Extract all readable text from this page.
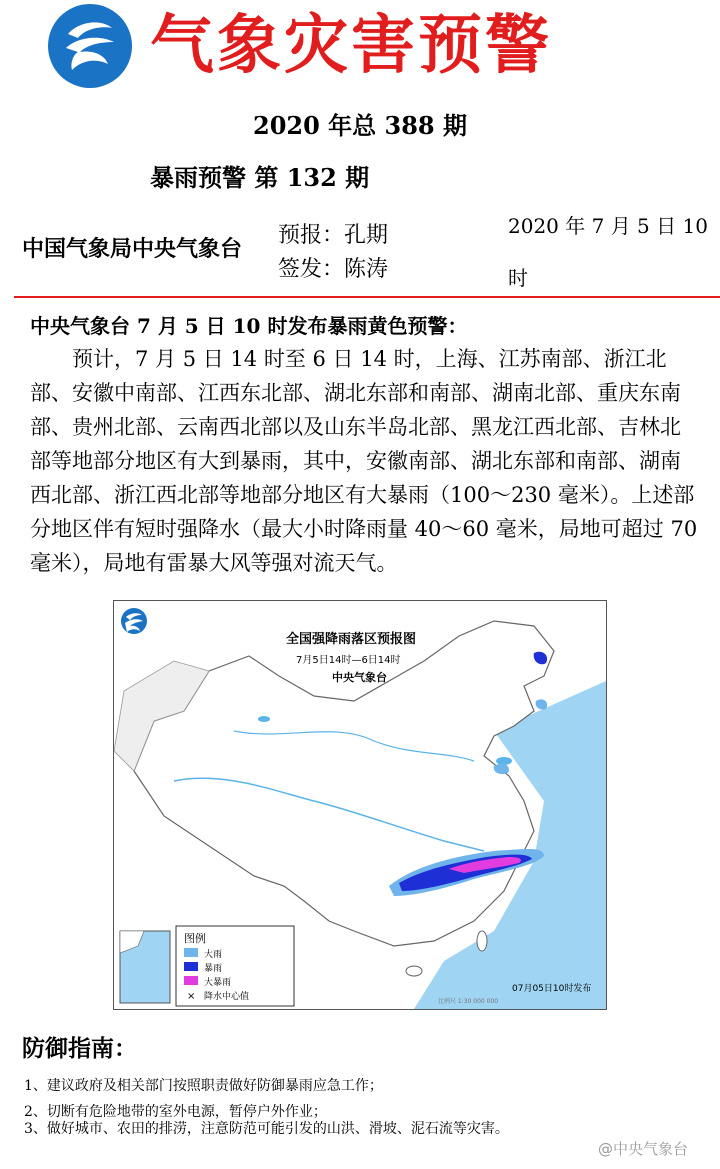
气象灾害预警
2020 年总 388 期
暴雨预警 第 132 期
中国气象局中央气象台
预报：孔期
签发：陈涛
2020 年 7 月 5 日 10
时
中央气象台 7 月 5 日 10 时发布暴雨黄色预警：
预计，7 月 5 日 14 时至 6 日 14 时，上海、江苏南部、浙江北部、安徽中南部、江西东北部、湖北东部和南部、湖南北部、重庆东南部、贵州北部、云南西北部以及山东半岛北部、黑龙江西北部、吉林北部等地部分地区有大到暴雨，其中，安徽南部、湖北东部和南部、湖南西北部、浙江西北部等地部分地区有大暴雨（100～230 毫米）。上述部分地区伴有短时强降水（最大小时降雨量 40～60 毫米，局地可超过 70 毫米），局地有雷暴大风等强对流天气。
图例
大雨
暴雨
大暴雨
× 降水中心值
全国强降雨落区预报图
7月5日14时—6日14时
中央气象台
07月05日10时发布
比例尺 1:30 000 000
防御指南：
1、建议政府及相关部门按照职责做好防御暴雨应急工作；
2、切断有危险地带的室外电源，暂停户外作业；
3、做好城市、农田的排涝，注意防范可能引发的山洪、滑坡、泥石流等灾害。
@中央气象台
